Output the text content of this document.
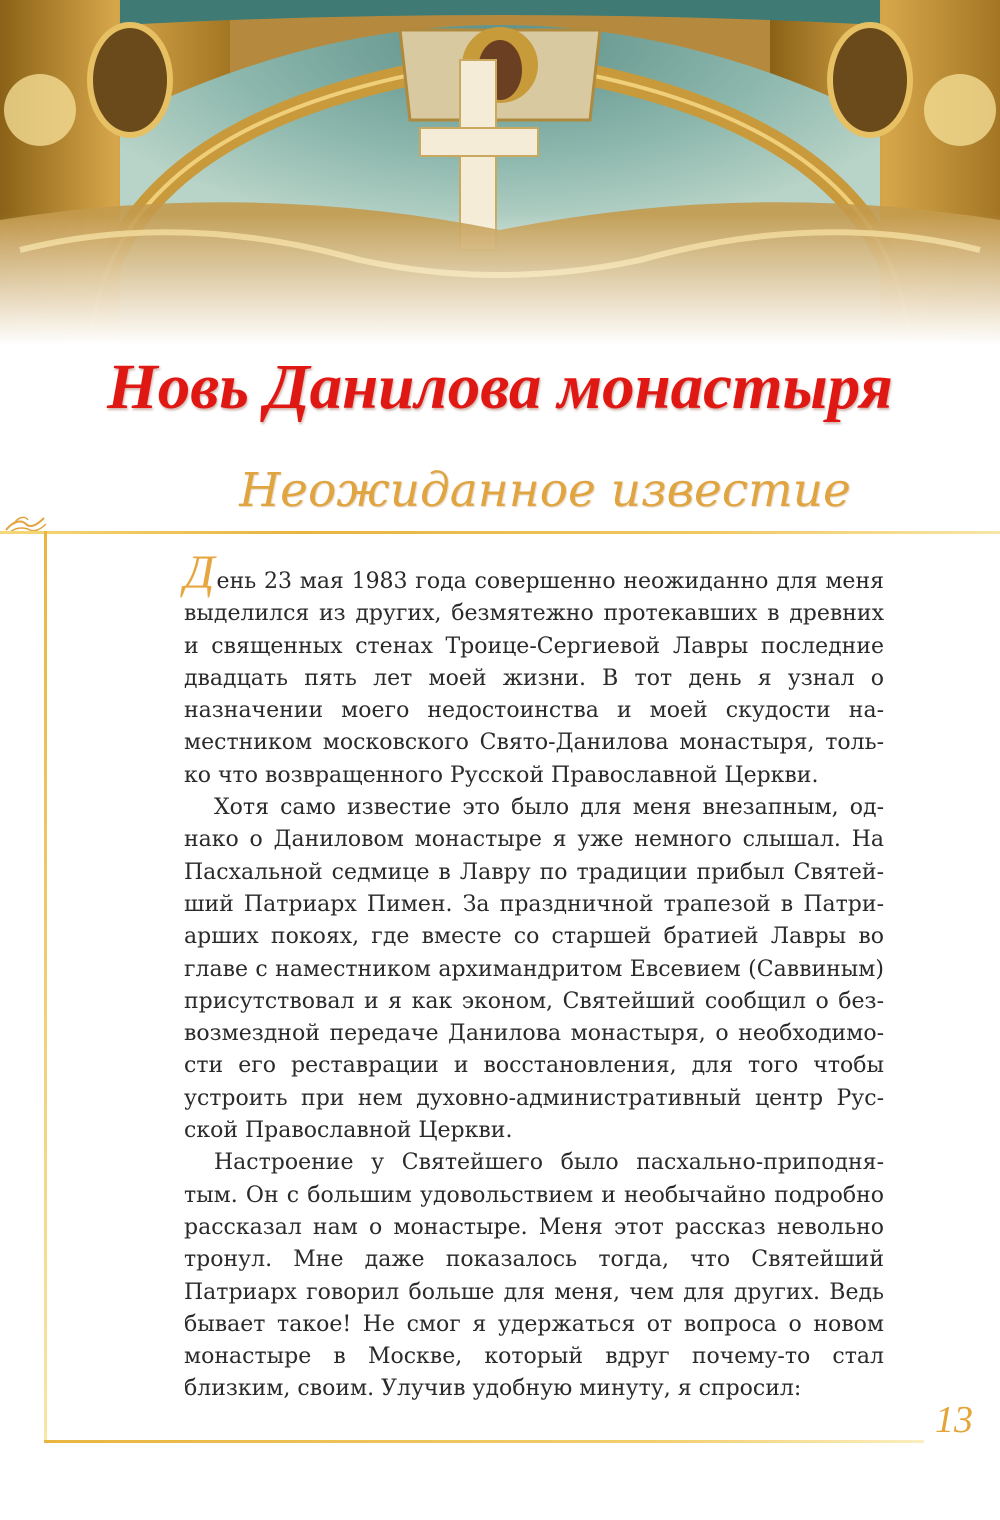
Новь Данилова монастыря
Неожиданное известие

День 23 мая 1983 года совершенно неожиданно для меня выделился из других, безмятежно протекавших в древних и священных стенах Троице-Сергиевой Лавры последние двадцать пять лет моей жизни. В тот день я узнал о назначении моего недостоинства и моей скудости наместником московского Свято-Данилова монастыря, только что возвращенного Русской Православной Церкви.

Хотя само известие это было для меня внезапным, однако о Даниловом монастыре я уже немного слышал. На Пасхальной седмице в Лавру по традиции прибыл Святейший Патриарх Пимен. За праздничной трапезой в Патриарших покоях, где вместе со старшей братией Лавры во главе с наместником архимандритом Евсевием (Саввиным) присутствовал и я как эконом, Святейший сообщил о безвозмездной передаче Данилова монастыря, о необходимости его реставрации и восстановления, для того чтобы устроить при нем духовно-административный центр Русской Православной Церкви.

Настроение у Святейшего было пасхально-приподнятым. Он с большим удовольствием и необычайно подробно рассказал нам о монастыре. Меня этот рассказ невольно тронул. Мне даже показалось тогда, что Святейший Патриарх говорил больше для меня, чем для других. Ведь бывает такое! Не смог я удержаться от вопроса о новом монастыре в Москве, который вдруг почему-то стал близким, своим. Улучив удобную минуту, я спросил:

13
